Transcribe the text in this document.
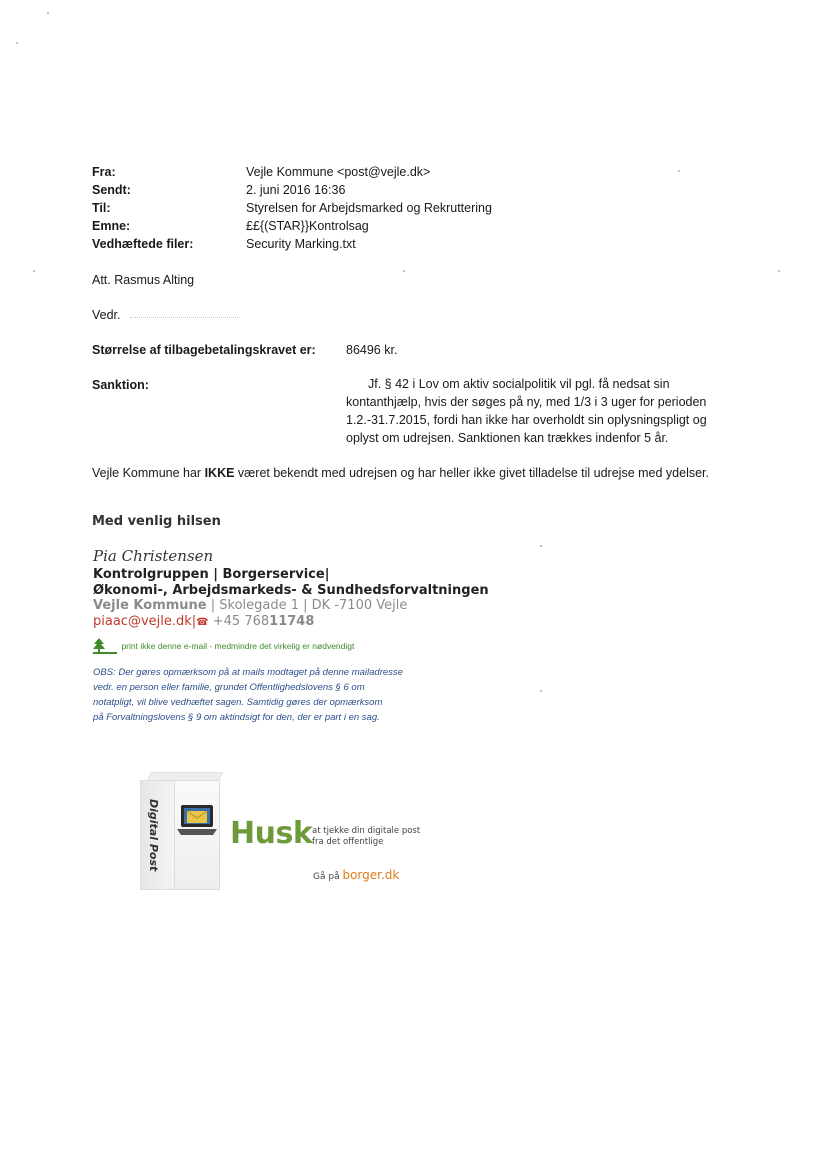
Fra:	Vejle Kommune <post@vejle.dk>
Sendt:	2. juni 2016 16:36
Til:	Styrelsen for Arbejdsmarked og Rekruttering
Emne:	££{(STAR}}Kontrolsag
Vedhæftede filer:	Security Marking.txt
Att. Rasmus Alting
Vedr.
Størrelse af tilbagebetalingskravet er: 86496 kr.
Sanktion:	Jf. § 42 i Lov om aktiv socialpolitik vil pgl. få nedsat sin
kontanthjælp, hvis der søges på ny, med 1/3 i 3 uger for perioden
1.2.-31.7.2015, fordi han ikke har overholdt sin oplysningspligt og
oplyst om udrejsen. Sanktionen kan trækkes indenfor 5 år.
Vejle Kommune har IKKE været bekendt med udrejsen og har heller ikke givet tilladelse til udrejse med ydelser.
Med venlig hilsen
Pia Christensen
Kontrolgruppen | Borgerservice|
Økonomi-, Arbejdsmarkeds- & Sundhedsforvaltningen
Vejle Kommune | Skolegade 1 | DK -7100 Vejle
piaac@vejle.dk|☎ +45 76811748
print ikke denne e-mail - medmindre det virkelig er nødvendigt
OBS: Der gøres opmærksom på at mails modtaget på denne mailadresse
vedr. en person eller familie, grundet Offentlighedslovens § 6 om
notatpligt, vil blive vedhæftet sagen. Samtidig gøres der opmærksom
på Forvaltningslovens § 9 om aktindsigt for den, der er part i en sag.
Digital Post Husk at tjekke din digitale post
fra det offentlige
Gå på borger.dk
